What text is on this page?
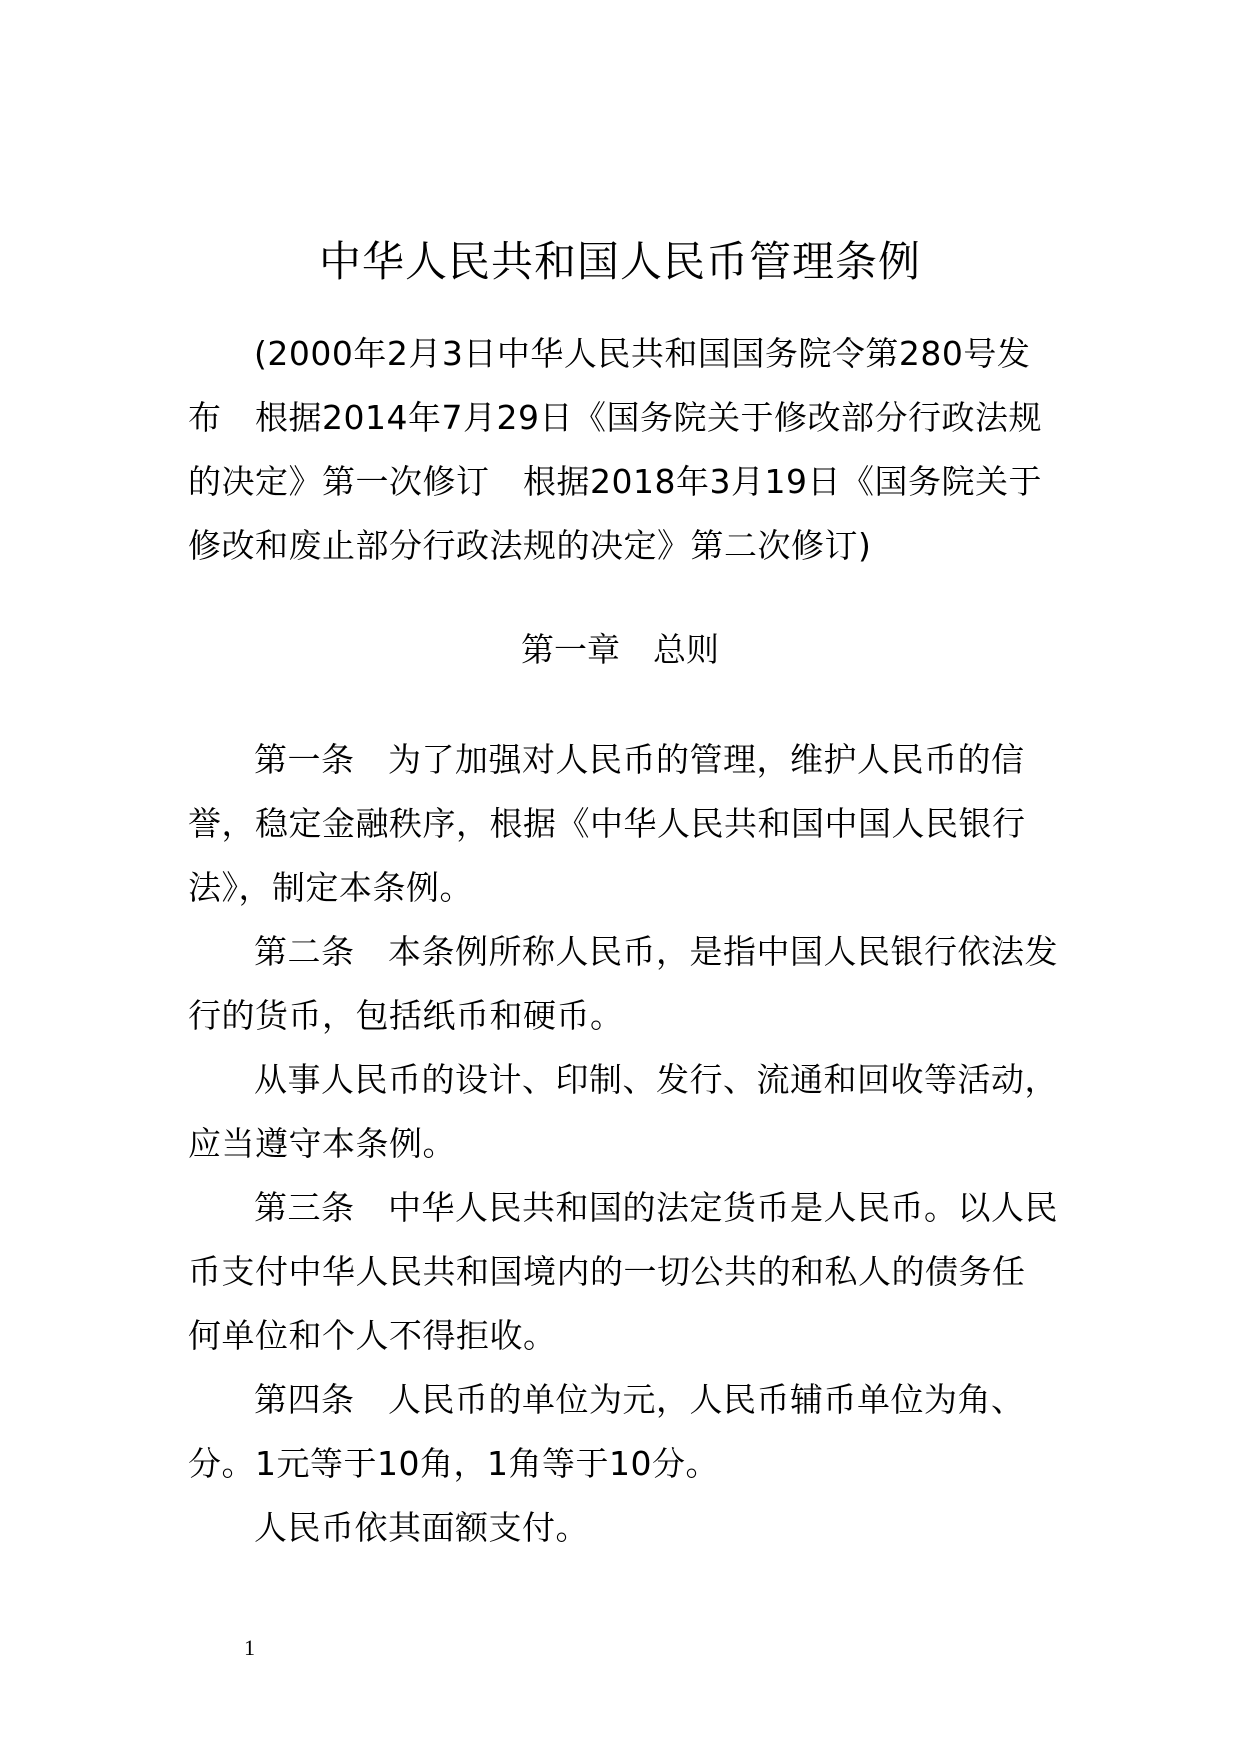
中华人民共和国人民币管理条例

(2000年2月3日中华人民共和国国务院令第280号发布　根据2014年7月29日《国务院关于修改部分行政法规的决定》第一次修订　根据2018年3月19日《国务院关于修改和废止部分行政法规的决定》第二次修订)

第一章　总则

第一条　为了加强对人民币的管理，维护人民币的信誉，稳定金融秩序，根据《中华人民共和国中国人民银行法》，制定本条例。

第二条　本条例所称人民币，是指中国人民银行依法发行的货币，包括纸币和硬币。

从事人民币的设计、印制、发行、流通和回收等活动，应当遵守本条例。

第三条　中华人民共和国的法定货币是人民币。以人民币支付中华人民共和国境内的一切公共的和私人的债务任何单位和个人不得拒收。

第四条　人民币的单位为元，人民币辅币单位为角、分。1元等于10角，1角等于10分。

人民币依其面额支付。

1
